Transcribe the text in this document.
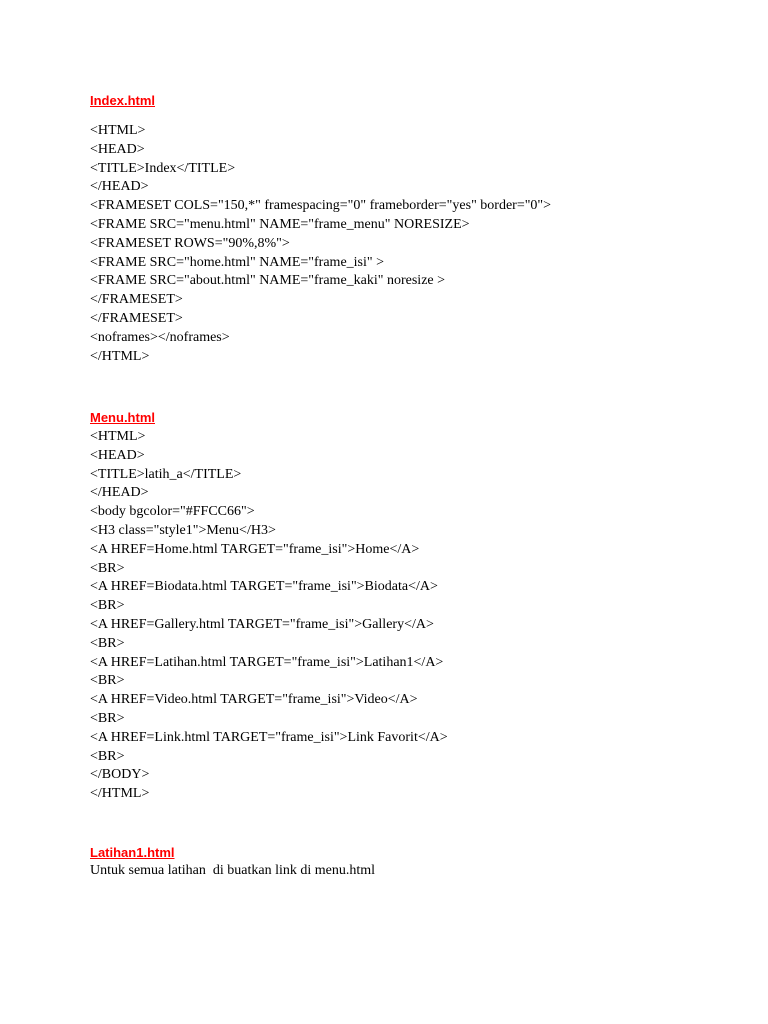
Index.html
<HTML>
<HEAD>
<TITLE>Index</TITLE>
</HEAD>
<FRAMESET COLS="150,*" framespacing="0" frameborder="yes" border="0">
<FRAME SRC="menu.html" NAME="frame_menu" NORESIZE>
<FRAMESET ROWS="90%,8%">
<FRAME SRC="home.html" NAME="frame_isi" >
<FRAME SRC="about.html" NAME="frame_kaki" noresize >
</FRAMESET>
</FRAMESET>
<noframes></noframes>
</HTML>
Menu.html
<HTML>
<HEAD>
<TITLE>latih_a</TITLE>
</HEAD>
<body bgcolor="#FFCC66">
<H3 class="style1">Menu</H3>
<A HREF=Home.html TARGET="frame_isi">Home</A>
<BR>
<A HREF=Biodata.html TARGET="frame_isi">Biodata</A>
<BR>
<A HREF=Gallery.html TARGET="frame_isi">Gallery</A>
<BR>
<A HREF=Latihan.html TARGET="frame_isi">Latihan1</A>
<BR>
<A HREF=Video.html TARGET="frame_isi">Video</A>
<BR>
<A HREF=Link.html TARGET="frame_isi">Link Favorit</A>
<BR>
</BODY>
</HTML>
Latihan1.html
Untuk semua latihan  di buatkan link di menu.html
